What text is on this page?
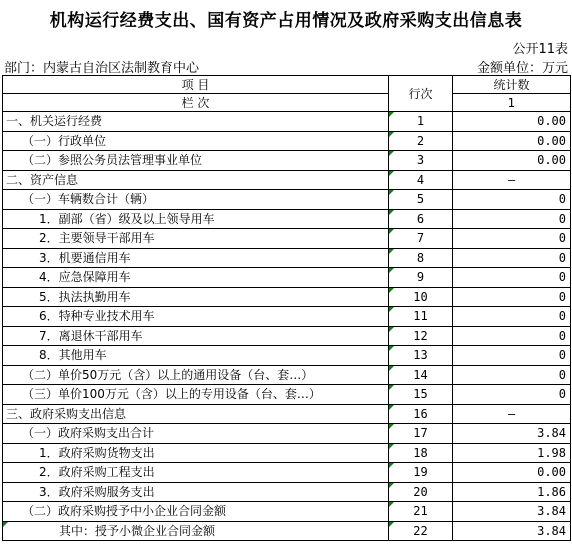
机构运行经费支出、国有资产占用情况及政府采购支出信息表
公开11表
部门：内蒙古自治区法制教育中心	金额单位：万元
项 目	行次	统计数
栏 次		1
一、机关运行经费	1	0.00
（一）行政单位	2	0.00
（二）参照公务员法管理事业单位	3	0.00
二、资产信息	4	—
（一）车辆数合计（辆）	5	0
1．副部（省）级及以上领导用车	6	0
2．主要领导干部用车	7	0
3．机要通信用车	8	0
4．应急保障用车	9	0
5．执法执勤用车	10	0
6．特种专业技术用车	11	0
7．离退休干部用车	12	0
8．其他用车	13	0
（二）单价50万元（含）以上的通用设备（台、套…）	14	0
（三）单价100万元（含）以上的专用设备（台、套…）	15	0
三、政府采购支出信息	16	—
（一）政府采购支出合计	17	3.84
1．政府采购货物支出	18	1.98
2．政府采购工程支出	19	0.00
3．政府采购服务支出	20	1.86
（二）政府采购授予中小企业合同金额	21	3.84
其中：授予小微企业合同金额	22	3.84
